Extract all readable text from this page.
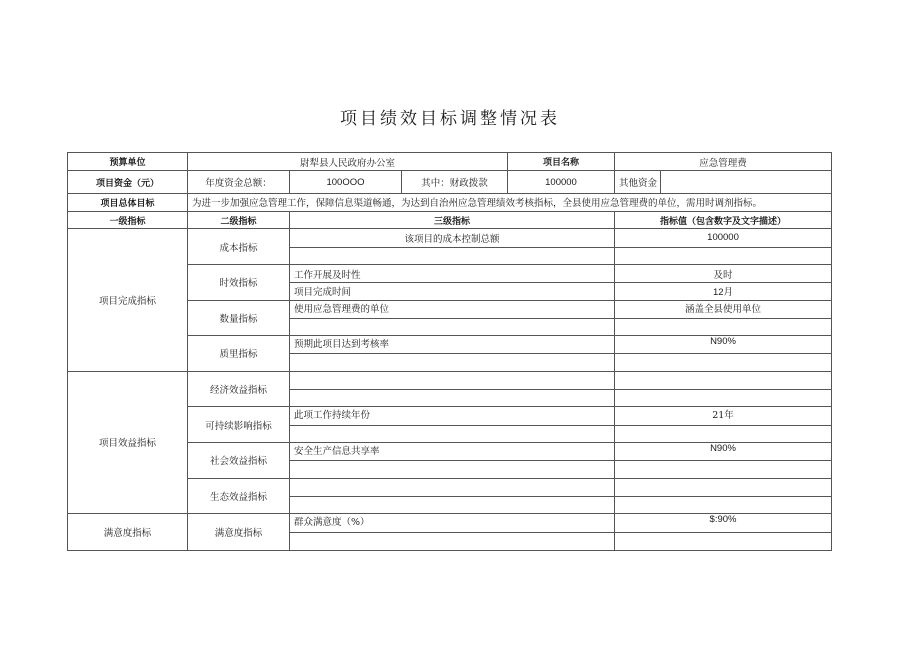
项目绩效目标调整情况表
预算单位	尉犁县人民政府办公室			项目名称	应急管理费	
项目资金（元）	年度资金总额：	100OOO	其中：财政拨款	100000	其他资金	
项目总体目标	为进一步加强应急管理工作，保障信息渠道畅通，为达到自治州应急管理绩效考核指标，全县使用应急管理费的单位，需用时调剂指标。					
一级指标	二级指标	三级指标			指标值（包含数字及文字描述）	
项目完成指标	成本指标	该项目的成本控制总额			100000	

	时效指标	工作开展及时性			及时	
		项目完成时间			12月	
	数量指标	使用应急管理费的单位			涵盖全县使用单位	

	质里指标	预期此项目达到考核率			N90%	

项目效益指标	经济效益指标					

	可持续影响指标	此项工作持续年份			21年	

	社会效益指标	安全生产信息共享率			N90%	

	生态效益指标					

满意度指标	满意度指标	群众满意度（%）			$:90%	
